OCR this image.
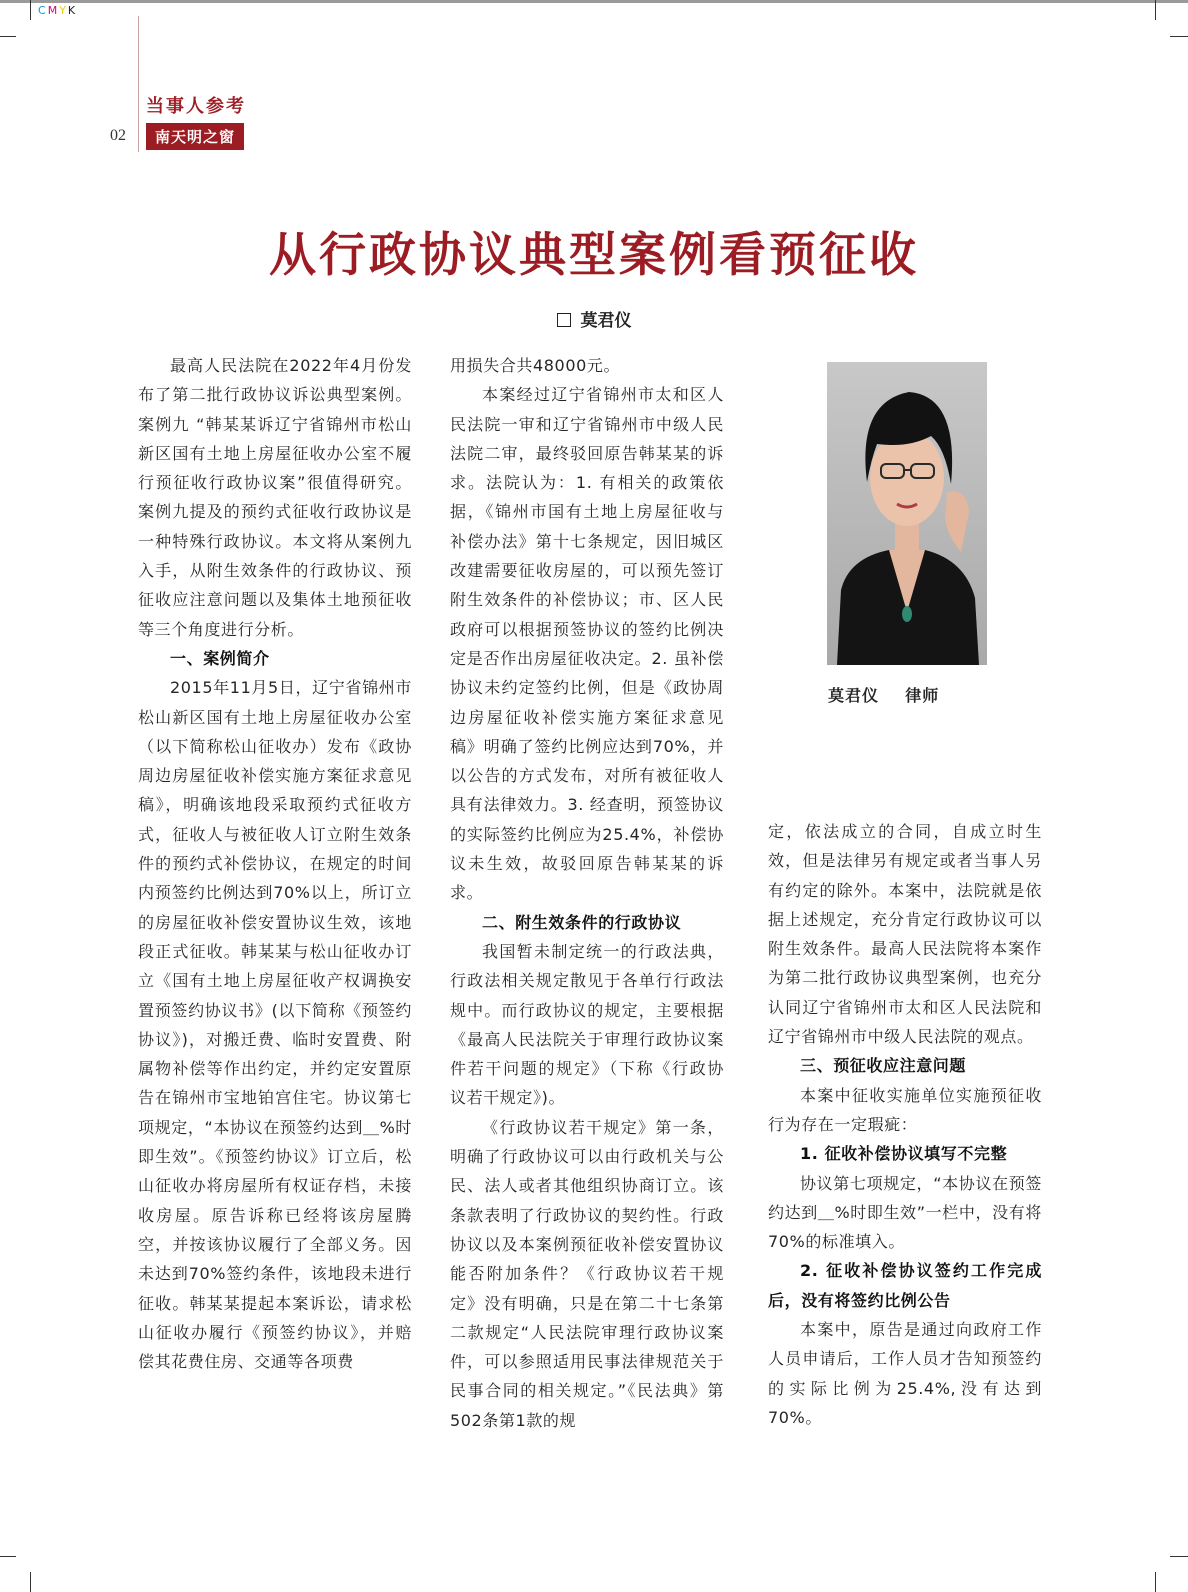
CMYK
当事人参考
02	南天明之窗
从行政协议典型案例看预征收
莫君仪

最高人民法院在2022年4月份发布了第二批行政协议诉讼典型案例。案例九 “韩某某诉辽宁省锦州市松山新区国有土地上房屋征收办公室不履行预征收行政协议案”很值得研究。案例九提及的预约式征收行政协议是一种特殊行政协议。本文将从案例九入手，从附生效条件的行政协议、预征收应注意问题以及集体土地预征收等三个角度进行分析。

一、案例简介

2015年11月5日，辽宁省锦州市松山新区国有土地上房屋征收办公室（以下简称松山征收办）发布《政协周边房屋征收补偿实施方案征求意见稿》，明确该地段采取预约式征收方式，征收人与被征收人订立附生效条件的预约式补偿协议，在规定的时间内预签约比例达到70%以上，所订立的房屋征收补偿安置协议生效，该地段正式征收。韩某某与松山征收办订立《国有土地上房屋征收产权调换安置预签约协议书》(以下简称《预签约协议》)，对搬迁费、临时安置费、附属物补偿等作出约定，并约定安置原告在锦州市宝地铂宫住宅。协议第七项规定，“本协议在预签约达到＿%时即生效”。《预签约协议》订立后，松山征收办将房屋所有权证存档，未接收房屋。原告诉称已经将该房屋腾空，并按该协议履行了全部义务。因未达到70%签约条件，该地段未进行征收。韩某某提起本案诉讼，请求松山征收办履行《预签约协议》，并赔偿其花费住房、交通等各项费

用损失合共48000元。

本案经过辽宁省锦州市太和区人民法院一审和辽宁省锦州市中级人民法院二审，最终驳回原告韩某某的诉求。法院认为：1. 有相关的政策依据，《锦州市国有土地上房屋征收与补偿办法》第十七条规定，因旧城区改建需要征收房屋的，可以预先签订附生效条件的补偿协议；市、区人民政府可以根据预签协议的签约比例决定是否作出房屋征收决定。2. 虽补偿协议未约定签约比例，但是《政协周边房屋征收补偿实施方案征求意见稿》明确了签约比例应达到70%，并以公告的方式发布，对所有被征收人具有法律效力。3. 经查明，预签协议的实际签约比例应为25.4%，补偿协议未生效，故驳回原告韩某某的诉求。

二、附生效条件的行政协议

我国暂未制定统一的行政法典，行政法相关规定散见于各单行行政法规中。而行政协议的规定，主要根据《最高人民法院关于审理行政协议案件若干问题的规定》（下称《行政协议若干规定》)。

《行政协议若干规定》第一条，明确了行政协议可以由行政机关与公民、法人或者其他组织协商订立。该条款表明了行政协议的契约性。行政协议以及本案例预征收补偿安置协议能否附加条件？《行政协议若干规定》没有明确，只是在第二十七条第二款规定“人民法院审理行政协议案件，可以参照适用民事法律规范关于民事合同的相关规定。”《民法典》第502条第1款的规

莫君仪    律师

定，依法成立的合同，自成立时生效，但是法律另有规定或者当事人另有约定的除外。本案中，法院就是依据上述规定，充分肯定行政协议可以附生效条件。最高人民法院将本案作为第二批行政协议典型案例，也充分认同辽宁省锦州市太和区人民法院和辽宁省锦州市中级人民法院的观点。

三、预征收应注意问题

本案中征收实施单位实施预征收行为存在一定瑕疵：

1. 征收补偿协议填写不完整

协议第七项规定，“本协议在预签约达到＿%时即生效”一栏中，没有将70%的标准填入。

2. 征收补偿协议签约工作完成后，没有将签约比例公告

本案中，原告是通过向政府工作人员申请后，工作人员才告知预签约的实际比例为25.4%,没有达到70%。
